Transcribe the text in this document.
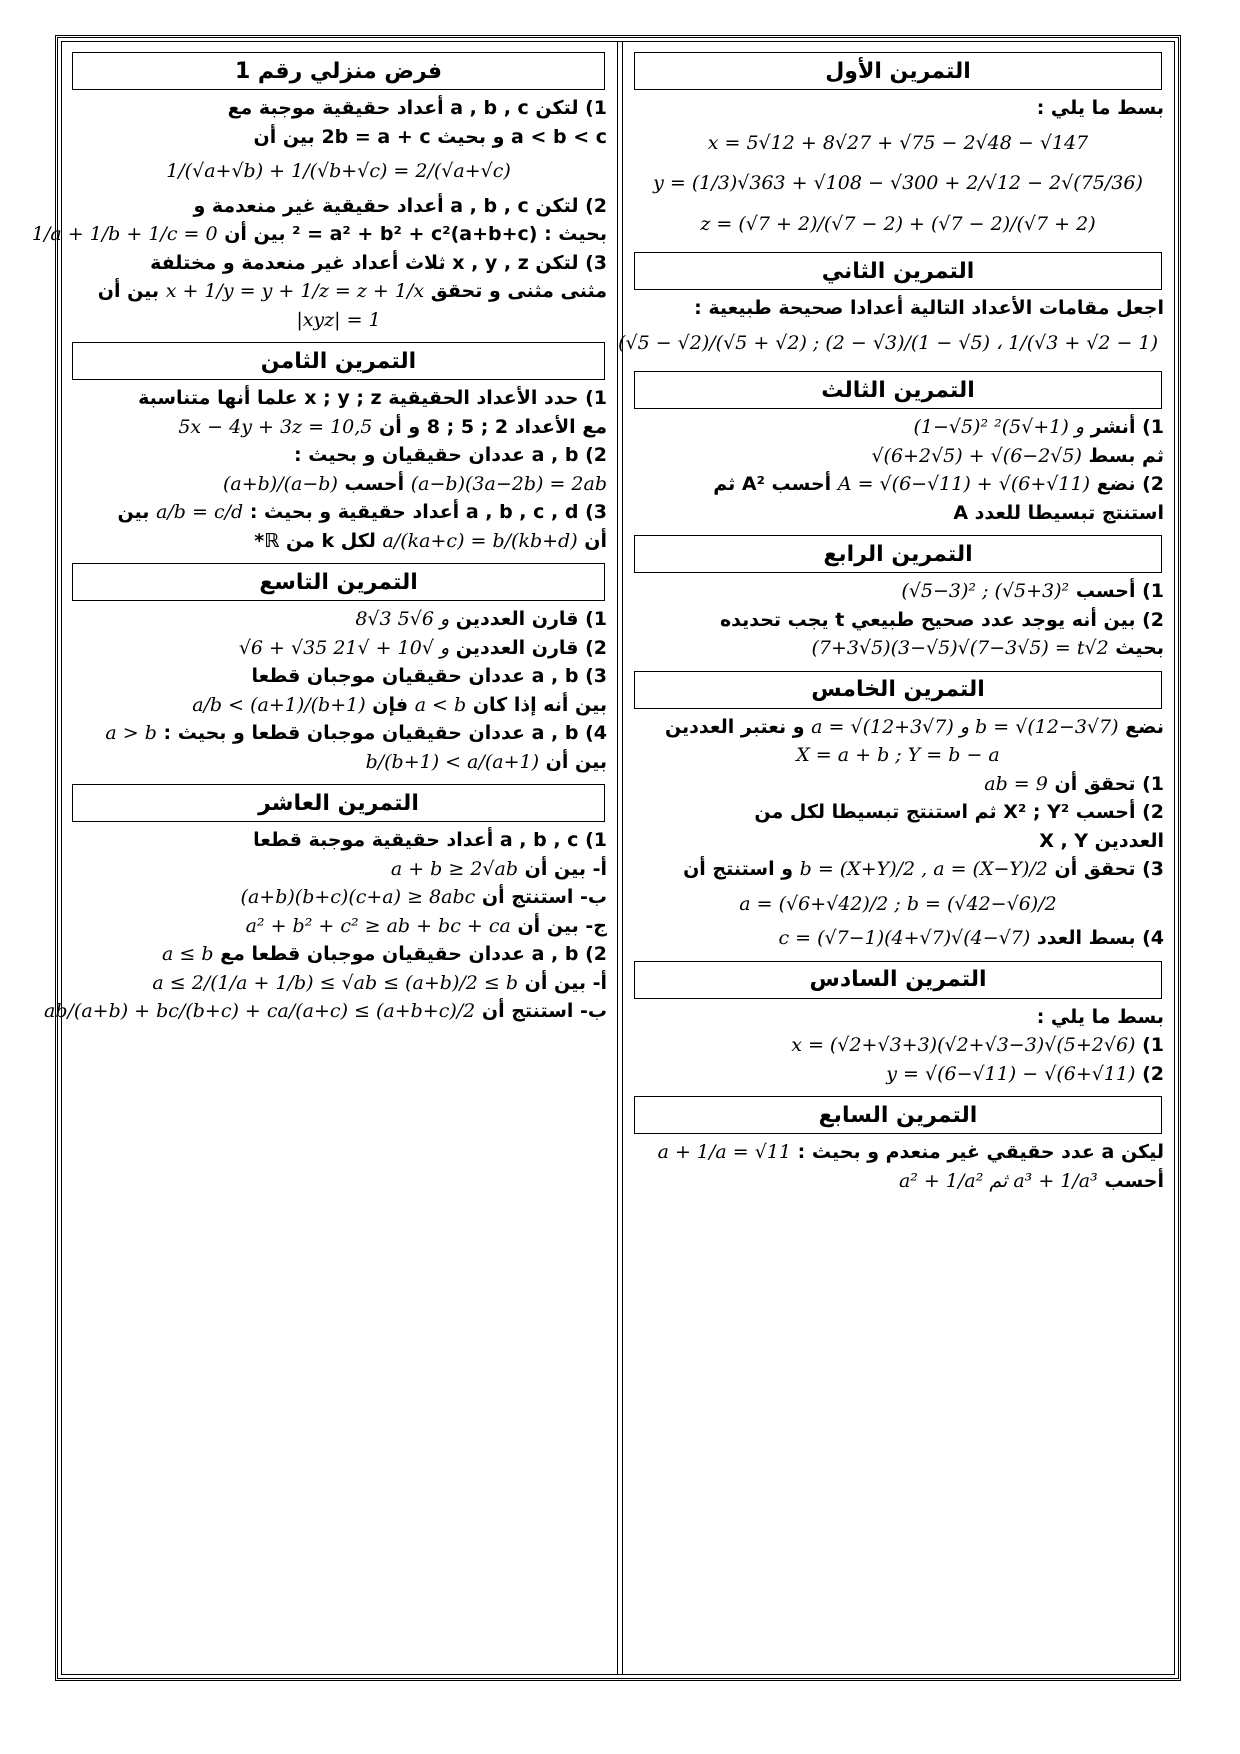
التمرين الأول
بسط ما يلي :
x = 5√12 + 8√27 + √75 − 2√48 − √147
y = (1/3)√363 + √108 − √300 + 2/√12 − 2√(75/36)
z = (√7 + 2)/(√7 − 2) + (√7 − 2)/(√7 + 2)
التمرين الثاني
اجعل مقامات الأعداد التالية أعدادا صحيحة طبيعية :
(√5 − √2)/(√5 + √2) ; (2 − √3)/(1 − √5) ، 1/(√3 + √2 − 1)
التمرين الثالث
1) أنشر (1−√5)² و (1+√5)²
ثم بسط √(6+2√5) + √(6−2√5)
2) نضع A = √(6−√11) + √(6+√11) أحسب A² ثم
استنتج تبسيطا للعدد A
التمرين الرابع
1) أحسب (√5−3)² ; (√5+3)²
2) بين أنه يوجد عدد صحيح طبيعي t يجب تحديده
بحيث (7+3√5)(3−√5)√(7−3√5) = t√2
التمرين الخامس
نضع a = √(12+3√7) و b = √(12−3√7) و نعتبر العددين
X = a + b ; Y = b − a
1) تحقق أن ab = 9
2) أحسب X² ; Y² ثم استنتج تبسيطا لكل من
العددين X , Y
3) تحقق أن b = (X+Y)/2 , a = (X−Y)/2 و استنتج أن
a = (√6+√42)/2 ; b = (√42−√6)/2
4) بسط العدد c = (√7−1)(4+√7)√(4−√7)
التمرين السادس
بسط ما يلي :
1) x = (√2+√3+3)(√2+√3−3)√(5+2√6)
2) y = √(6−√11) − √(6+√11)
التمرين السابع
ليكن a عدد حقيقي غير منعدم و بحيث : a + 1/a = √11
أحسب a² + 1/a² ثم a³ + 1/a³
فرض منزلي رقم 1
1) لتكن a , b , c أعداد حقيقية موجبة مع
a < b < c و بحيث 2b = a + c بين أن
1/(√a+√b) + 1/(√b+√c) = 2/(√a+√c)
2) لتكن a , b , c أعداد حقيقية غير منعدمة و
بحيث : (a+b+c)² = a² + b² + c² بين أن 1/a + 1/b + 1/c = 0
3) لتكن x , y , z ثلاث أعداد غير منعدمة و مختلفة
مثنى مثنى و تحقق x + 1/y = y + 1/z = z + 1/x بين أن
|xyz| = 1
التمرين الثامن
1) حدد الأعداد الحقيقية x ; y ; z علما أنها متناسبة
مع الأعداد 2 ; 5 ; 8 و أن 5x − 4y + 3z = 10,5
2) a , b عددان حقيقيان و بحيث :
(a−b)(3a−2b) = 2ab أحسب (a+b)/(a−b)
3) a , b , c , d أعداد حقيقية و بحيث : a/b = c/d بين
أن a/(ka+c) = b/(kb+d) لكل k من ℝ*
التمرين التاسع
1) قارن العددين 8√3 و 6√5
2) قارن العددين √6 + √35 و √10 + √21
3) a , b عددان حقيقيان موجبان قطعا
بين أنه إذا كان a < b فإن a/b < (a+1)/(b+1)
4) a , b عددان حقيقيان موجبان قطعا و بحيث : a > b
بين أن b/(b+1) < a/(a+1)
التمرين العاشر
1) a , b , c أعداد حقيقية موجبة قطعا
أ- بين أن a + b ≥ 2√ab
ب- استنتج أن (a+b)(b+c)(c+a) ≥ 8abc
ج- بين أن a² + b² + c² ≥ ab + bc + ca
2) a , b عددان حقيقيان موجبان قطعا مع a ≤ b
أ- بين أن a ≤ 2/(1/a + 1/b) ≤ √ab ≤ (a+b)/2 ≤ b
ب- استنتج أن ab/(a+b) + bc/(b+c) + ca/(a+c) ≤ (a+b+c)/2
